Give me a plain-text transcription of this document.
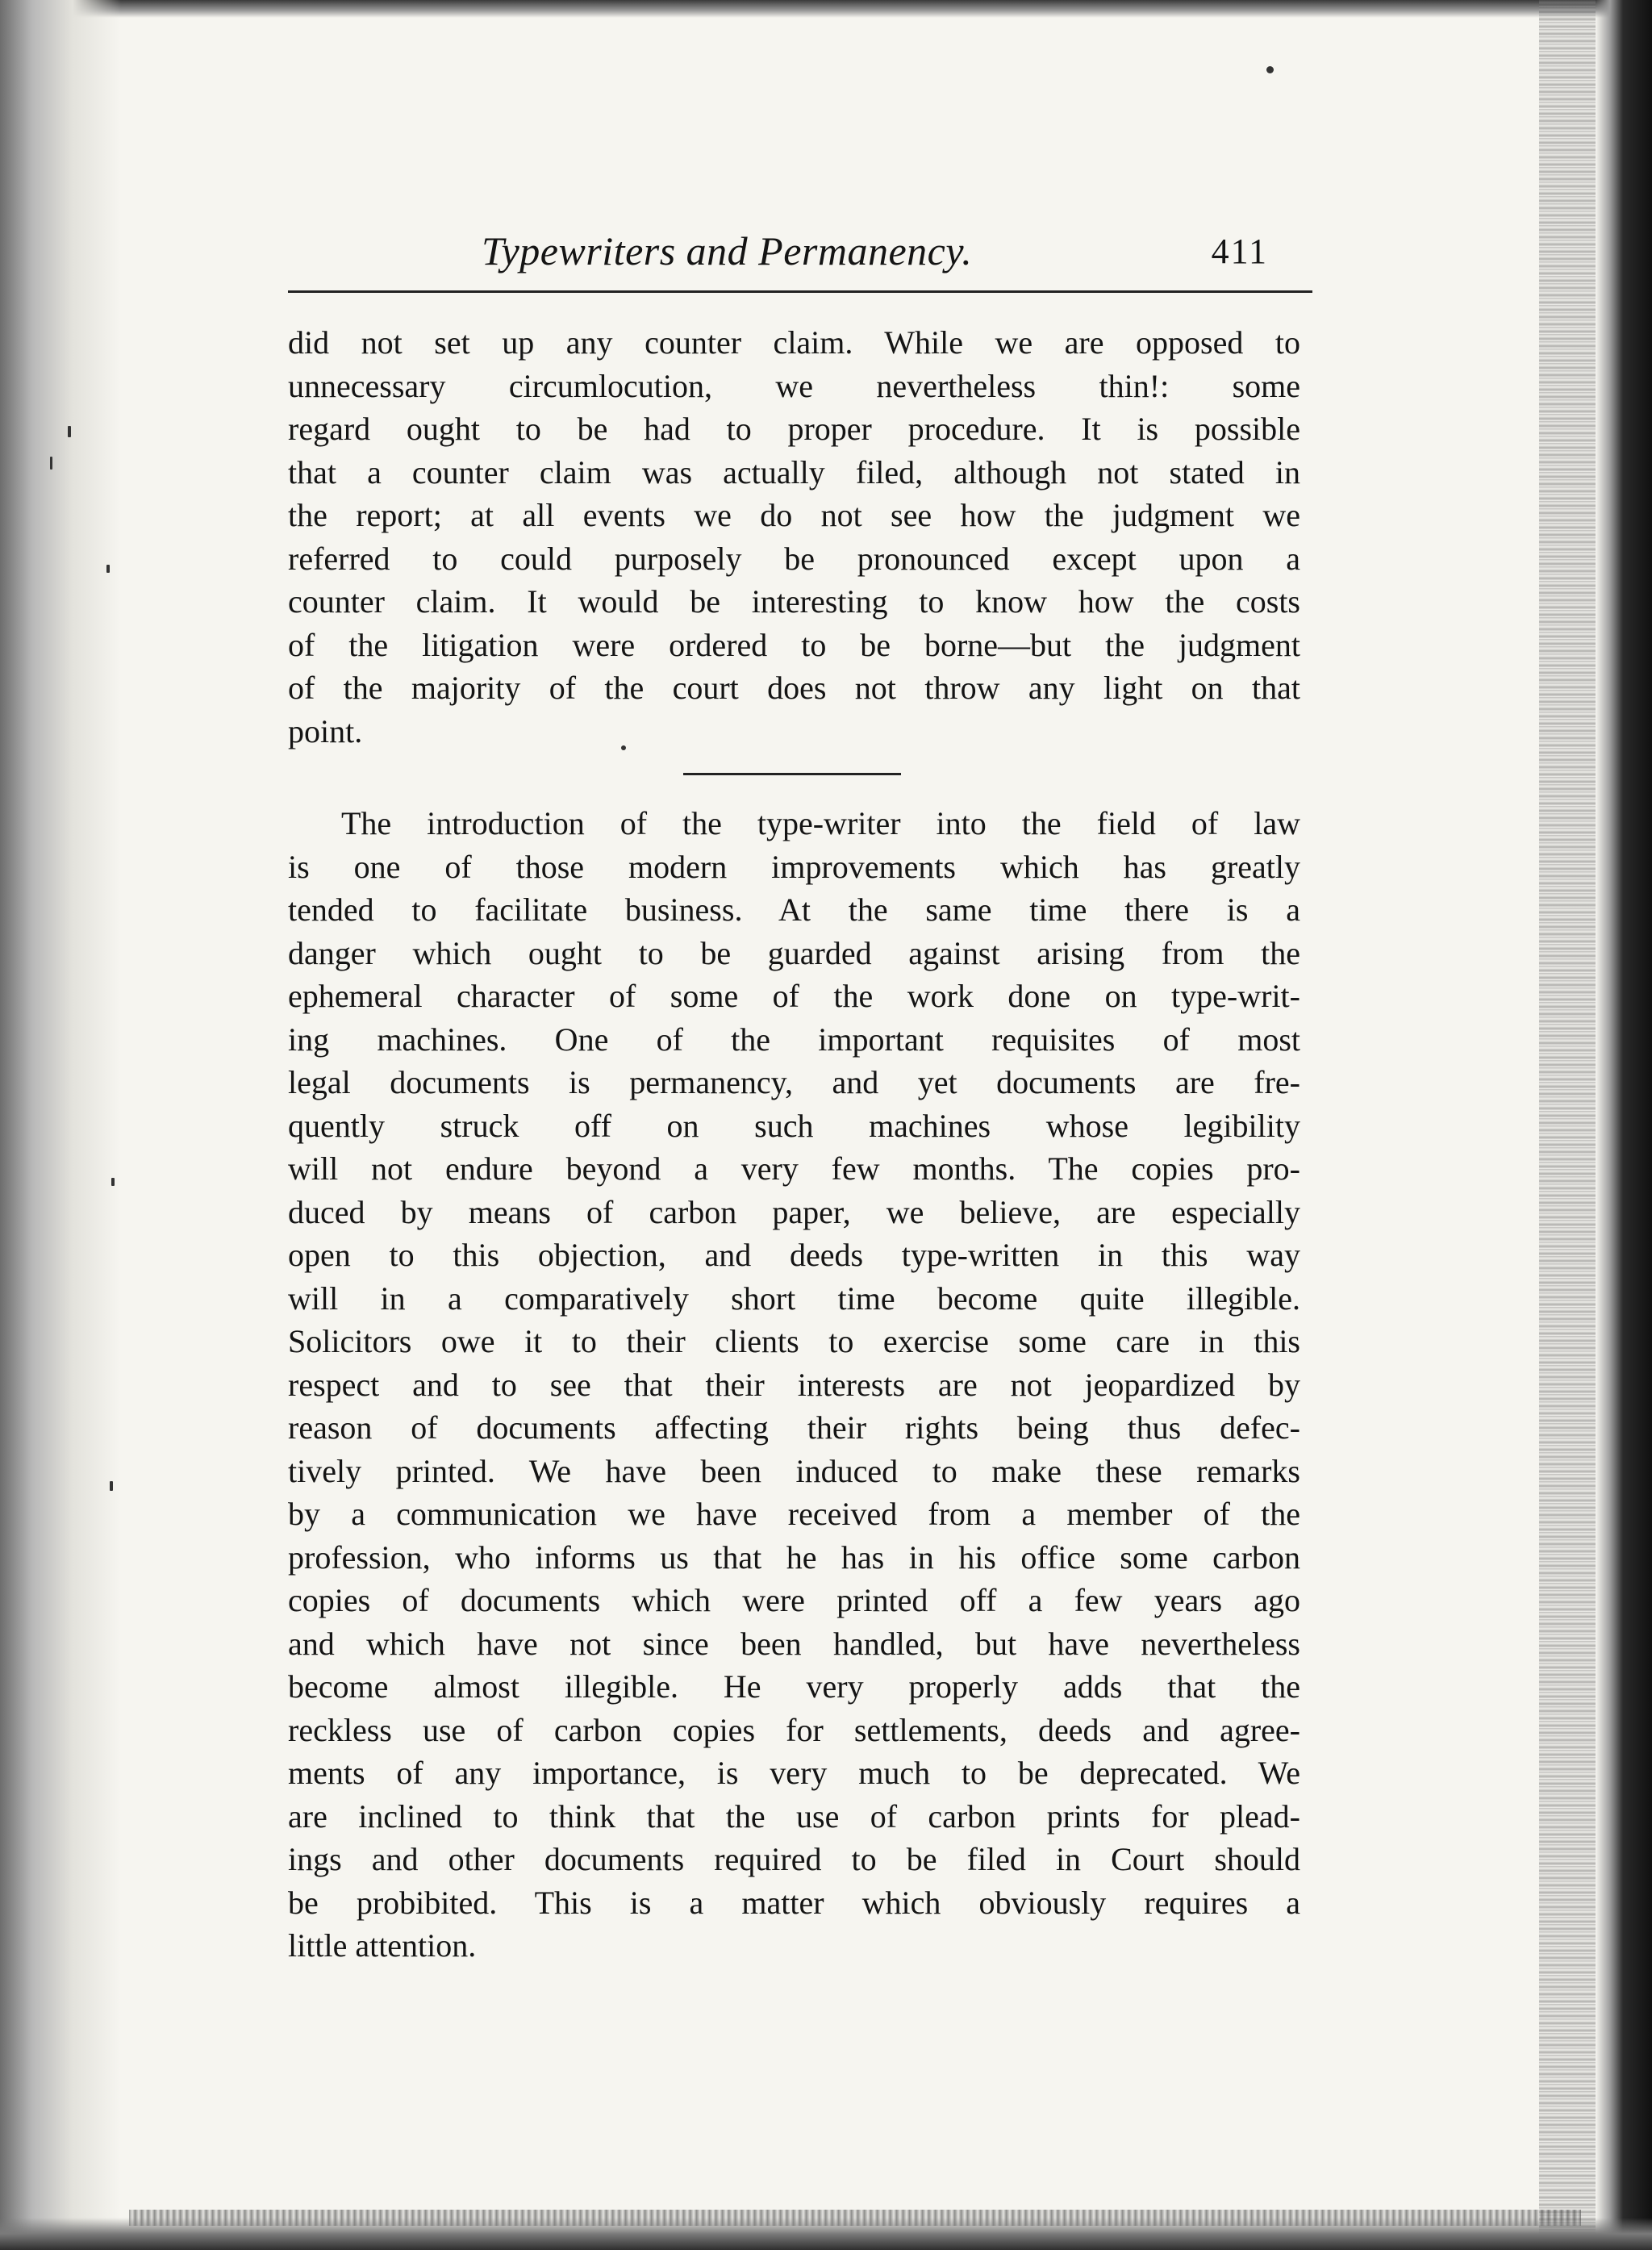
Typewriters and Permanency.	411
did not set up any counter claim. While we are opposed to
unnecessary circumlocution, we nevertheless thin!: some
regard ought to be had to proper procedure. It is possible
that a counter claim was actually filed, although not stated in
the report; at all events we do not see how the judgment we
referred to could purposely be pronounced except upon a
counter claim. It would be interesting to know how the costs
of the litigation were ordered to be borne—but the judgment
of the majority of the court does not throw any light on that
point.
The introduction of the type-writer into the field of law
is one of those modern improvements which has greatly
tended to facilitate business. At the same time there is a
danger which ought to be guarded against arising from the
ephemeral character of some of the work done on type-writ-
ing machines. One of the important requisites of most
legal documents is permanency, and yet documents are fre-
quently struck off on such machines whose legibility
will not endure beyond a very few months. The copies pro-
duced by means of carbon paper, we believe, are especially
open to this objection, and deeds type-written in this way
will in a comparatively short time become quite illegible.
Solicitors owe it to their clients to exercise some care in this
respect and to see that their interests are not jeopardized by
reason of documents affecting their rights being thus defec-
tively printed. We have been induced to make these remarks
by a communication we have received from a member of the
profession, who informs us that he has in his office some carbon
copies of documents which were printed off a few years ago
and which have not since been handled, but have nevertheless
become almost illegible. He very properly adds that the
reckless use of carbon copies for settlements, deeds and agree-
ments of any importance, is very much to be deprecated. We
are inclined to think that the use of carbon prints for plead-
ings and other documents required to be filed in Court should
be probibited. This is a matter which obviously requires a
little attention.
